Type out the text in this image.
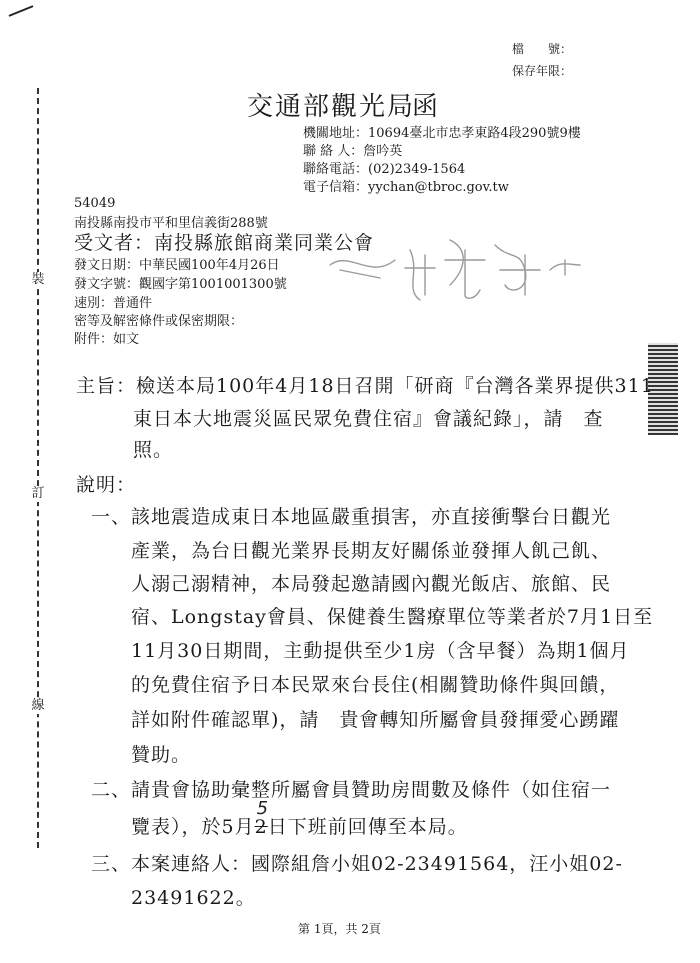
裝
訂
線
檔　　號：
保存年限：
交通部觀光局
函
機關地址：10694臺北市忠孝東路4段290號9樓
聯 絡 人：詹吟英
聯絡電話：(02)2349-1564
電子信箱：yychan@tbroc.gov.tw
54049
南投縣南投市平和里信義街288號
受文者：南投縣旅館商業同業公會
發文日期：中華民國100年4月26日
發文字號：觀國字第1001001300號
速別：普通件
密等及解密條件或保密期限：
附件：如文
主旨：檢送本局100年4月18日召開「研商『台灣各業界提供311
東日本大地震災區民眾免費住宿』會議紀錄」，請　查
照。
說明：
一、該地震造成東日本地區嚴重損害，亦直接衝擊台日觀光
產業，為台日觀光業界長期友好關係並發揮人飢己飢、
人溺己溺精神，本局發起邀請國內觀光飯店、旅館、民
宿、Longstay會員、保健養生醫療單位等業者於7月1日至
11月30日期間，主動提供至少1房（含早餐）為期1個月
的免費住宿予日本民眾來台長住(相關贊助條件與回饋，
詳如附件確認單)，請　貴會轉知所屬會員發揮愛心踴躍
贊助。
二、請貴會協助彙整所屬會員贊助房間數及條件（如住宿一
覽表），於5月2
5
日下班前回傳至本局。
三、本案連絡人：國際組詹小姐02-23491564，汪小姐02-
23491622。
第 1頁，共 2頁
